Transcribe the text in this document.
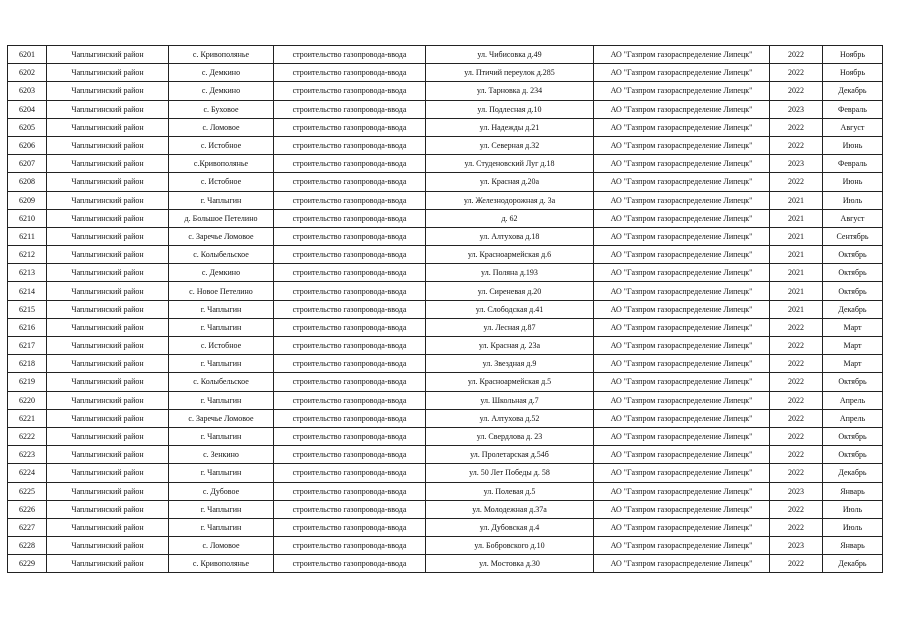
6201	Чаплыгинский район	с. Кривополянье	строительство газопровода-ввода	ул. Чибисовка д.49	АО "Газпром газораспределение Липецк"	2022	Ноябрь
6202	Чаплыгинский район	с. Демкино	строительство газопровода-ввода	ул. Птичий переулок д.285	АО "Газпром газораспределение Липецк"	2022	Ноябрь
6203	Чаплыгинский район	с. Демкино	строительство газопровода-ввода	ул. Тарновка д. 234	АО "Газпром газораспределение Липецк"	2022	Декабрь
6204	Чаплыгинский район	с. Буховое	строительство газопровода-ввода	ул. Подлесная д.10	АО "Газпром газораспределение Липецк"	2023	Февраль
6205	Чаплыгинский район	с. Ломовое	строительство газопровода-ввода	ул. Надежды д.21	АО "Газпром газораспределение Липецк"	2022	Август
6206	Чаплыгинский район	с. Истобное	строительство газопровода-ввода	ул. Северная д.32	АО "Газпром газораспределение Липецк"	2022	Июнь
6207	Чаплыгинский район	с.Кривополянье	строительство газопровода-ввода	ул. Студеновский Луг д.18	АО "Газпром газораспределение Липецк"	2023	Февраль
6208	Чаплыгинский район	с. Истобное	строительство газопровода-ввода	ул. Красная д.20а	АО "Газпром газораспределение Липецк"	2022	Июнь
6209	Чаплыгинский район	г. Чаплыгин	строительство газопровода-ввода	ул. Железнодорожная д. 3а	АО "Газпром газораспределение Липецк"	2021	Июль
6210	Чаплыгинский район	д. Большое Петелино	строительство газопровода-ввода	д. 62	АО "Газпром газораспределение Липецк"	2021	Август
6211	Чаплыгинский район	с. Заречье Ломовое	строительство газопровода-ввода	ул. Алтухова д.18	АО "Газпром газораспределение Липецк"	2021	Сентябрь
6212	Чаплыгинский район	с. Колыбельское	строительство газопровода-ввода	ул. Красноармейская д.6	АО "Газпром газораспределение Липецк"	2021	Октябрь
6213	Чаплыгинский район	с. Демкино	строительство газопровода-ввода	ул. Поляна д.193	АО "Газпром газораспределение Липецк"	2021	Октябрь
6214	Чаплыгинский район	с. Новое Петелино	строительство газопровода-ввода	ул. Сиреневая д.20	АО "Газпром газораспределение Липецк"	2021	Октябрь
6215	Чаплыгинский район	г. Чаплыгин	строительство газопровода-ввода	ул. Слободская д.41	АО "Газпром газораспределение Липецк"	2021	Декабрь
6216	Чаплыгинский район	г. Чаплыгин	строительство газопровода-ввода	ул. Лесная д.87	АО "Газпром газораспределение Липецк"	2022	Март
6217	Чаплыгинский район	с. Истобное	строительство газопровода-ввода	ул. Красная д. 23а	АО "Газпром газораспределение Липецк"	2022	Март
6218	Чаплыгинский район	г. Чаплыгин	строительство газопровода-ввода	ул. Звездная д.9	АО "Газпром газораспределение Липецк"	2022	Март
6219	Чаплыгинский район	с. Колыбельское	строительство газопровода-ввода	ул. Красноармейская д.5	АО "Газпром газораспределение Липецк"	2022	Октябрь
6220	Чаплыгинский район	г. Чаплыгин	строительство газопровода-ввода	ул. Школьная д.7	АО "Газпром газораспределение Липецк"	2022	Апрель
6221	Чаплыгинский район	с. Заречье Ломовое	строительство газопровода-ввода	ул. Алтухова д.52	АО "Газпром газораспределение Липецк"	2022	Апрель
6222	Чаплыгинский район	г. Чаплыгин	строительство газопровода-ввода	ул. Свердлова д. 23	АО "Газпром газораспределение Липецк"	2022	Октябрь
6223	Чаплыгинский район	с. Зенкино	строительство газопровода-ввода	ул. Пролетарская д.54б	АО "Газпром газораспределение Липецк"	2022	Октябрь
6224	Чаплыгинский район	г. Чаплыгин	строительство газопровода-ввода	ул. 50 Лет Победы д. 58	АО "Газпром газораспределение Липецк"	2022	Декабрь
6225	Чаплыгинский район	с. Дубовое	строительство газопровода-ввода	ул. Полевая д.5	АО "Газпром газораспределение Липецк"	2023	Январь
6226	Чаплыгинский район	г. Чаплыгин	строительство газопровода-ввода	ул. Молодежная д.37а	АО "Газпром газораспределение Липецк"	2022	Июль
6227	Чаплыгинский район	г. Чаплыгин	строительство газопровода-ввода	ул. Дубовская д.4	АО "Газпром газораспределение Липецк"	2022	Июль
6228	Чаплыгинский район	с. Ломовое	строительство газопровода-ввода	ул. Бобровского д.10	АО "Газпром газораспределение Липецк"	2023	Январь
6229	Чаплыгинский район	с. Кривополянье	строительство газопровода-ввода	ул. Мостовка д.30	АО "Газпром газораспределение Липецк"	2022	Декабрь
